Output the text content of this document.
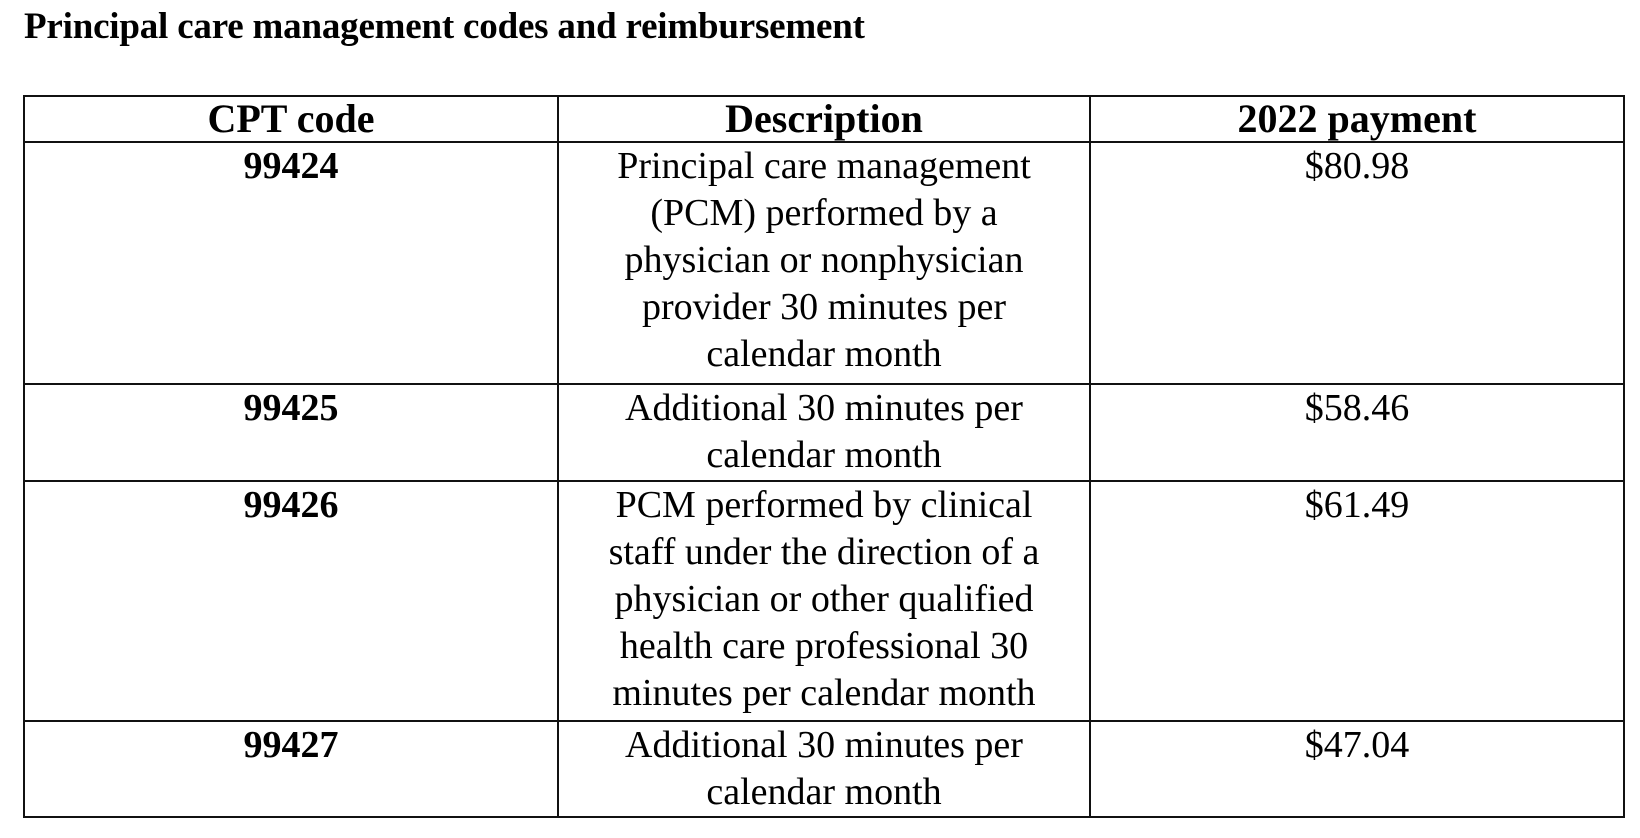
Principal care management codes and reimbursement
CPT code	Description	2022 payment
99424	Principal care management (PCM) performed by a physician or nonphysician provider 30 minutes per calendar month	$80.98
99425	Additional 30 minutes per calendar month	$58.46
99426	PCM performed by clinical staff under the direction of a physician or other qualified health care professional 30 minutes per calendar month	$61.49
99427	Additional 30 minutes per calendar month	$47.04
